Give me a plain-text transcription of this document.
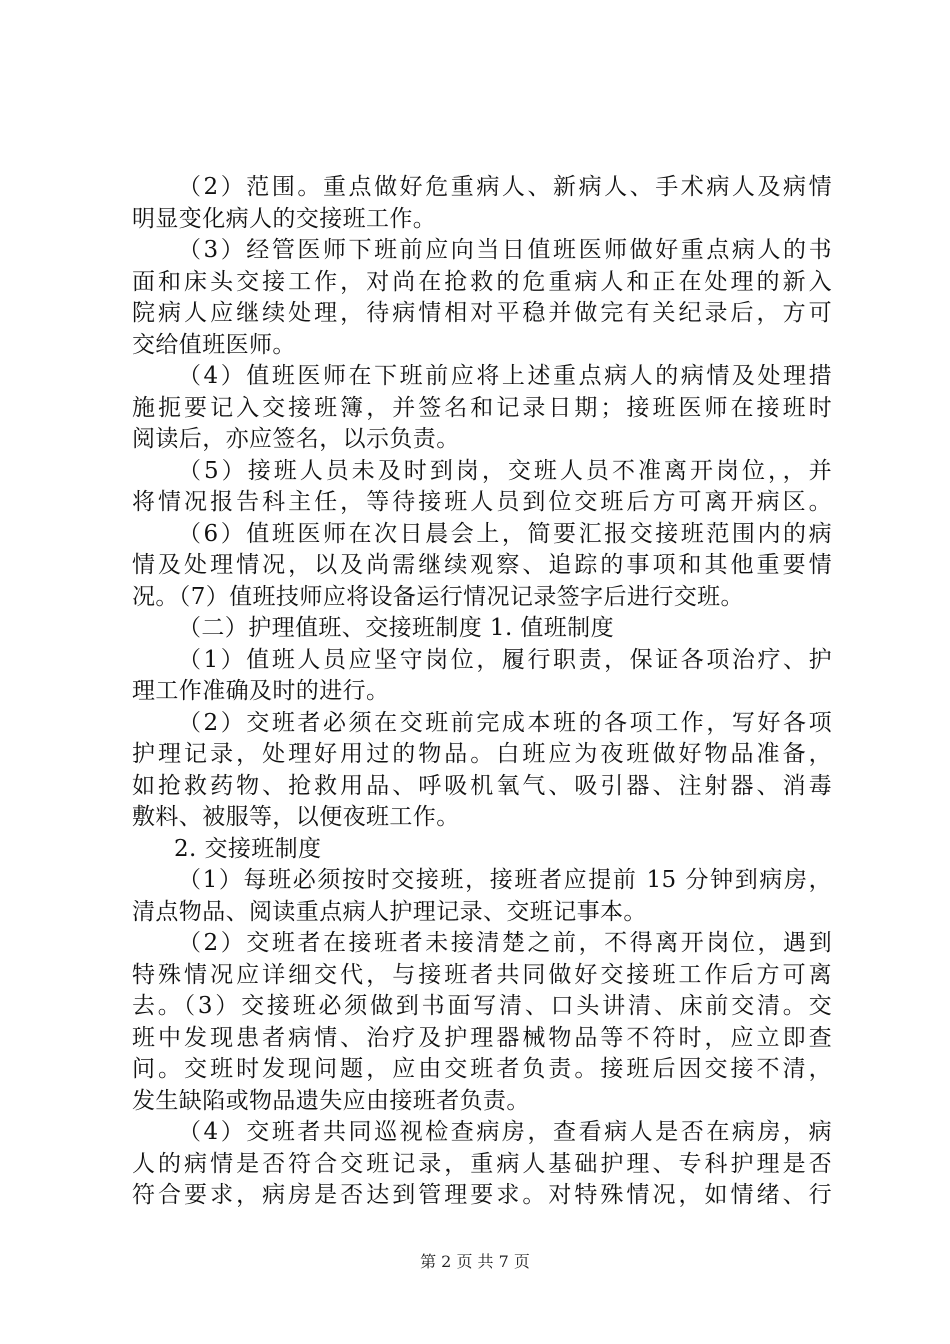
（2）范围。重点做好危重病人、新病人、手术病人及病情
明显变化病人的交接班工作。
（3）经管医师下班前应向当日值班医师做好重点病人的书
面和床头交接工作，对尚在抢救的危重病人和正在处理的新入
院病人应继续处理，待病情相对平稳并做完有关纪录后，方可
交给值班医师。
（4）值班医师在下班前应将上述重点病人的病情及处理措
施扼要记入交接班簿，并签名和记录日期；接班医师在接班时
阅读后，亦应签名，以示负责。
（5）接班人员未及时到岗，交班人员不准离开岗位，，并
将情况报告科主任，等待接班人员到位交班后方可离开病区。
（6）值班医师在次日晨会上，简要汇报交接班范围内的病
情及处理情况，以及尚需继续观察、追踪的事项和其他重要情
况。（7）值班技师应将设备运行情况记录签字后进行交班。
（二）护理值班、交接班制度 1. 值班制度
（1）值班人员应坚守岗位，履行职责，保证各项治疗、护
理工作准确及时的进行。
（2）交班者必须在交班前完成本班的各项工作，写好各项
护理记录，处理好用过的物品。白班应为夜班做好物品准备，
如抢救药物、抢救用品、呼吸机氧气、吸引器、注射器、消毒
敷料、被服等，以便夜班工作。
2. 交接班制度
（1）每班必须按时交接班，接班者应提前 15 分钟到病房，
清点物品、阅读重点病人护理记录、交班记事本。
（2）交班者在接班者未接清楚之前，不得离开岗位，遇到
特殊情况应详细交代，与接班者共同做好交接班工作后方可离
去。（3）交接班必须做到书面写清、口头讲清、床前交清。交
班中发现患者病情、治疗及护理器械物品等不符时，应立即查
问。交班时发现问题，应由交班者负责。接班后因交接不清，
发生缺陷或物品遗失应由接班者负责。
（4）交班者共同巡视检查病房，查看病人是否在病房，病
人的病情是否符合交班记录，重病人基础护理、专科护理是否
符合要求，病房是否达到管理要求。对特殊情况，如情绪、行
第 2 页 共 7 页
